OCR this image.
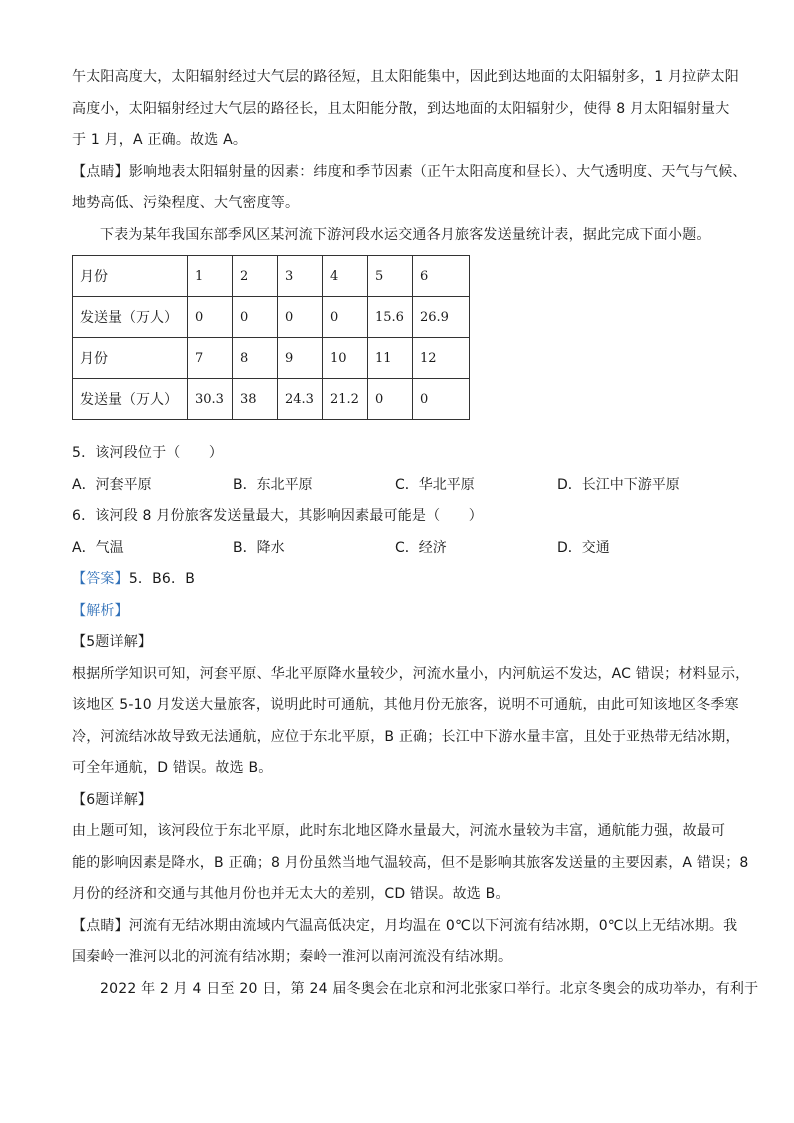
午太阳高度大，太阳辐射经过大气层的路径短，且太阳能集中，因此到达地面的太阳辐射多，1 月拉萨太阳
高度小，太阳辐射经过大气层的路径长，且太阳能分散，到达地面的太阳辐射少，使得 8 月太阳辐射量大
于 1 月，A 正确。故选 A。
【点睛】影响地表太阳辐射量的因素：纬度和季节因素（正午太阳高度和昼长）、大气透明度、天气与气候、
地势高低、污染程度、大气密度等。
下表为某年我国东部季风区某河流下游河段水运交通各月旅客发送量统计表，据此完成下面小题。
月份	1	2	3	4	5	6
发送量（万人）	0	0	0	0	15.6	26.9
月份	7	8	9	10	11	12
发送量（万人）	30.3	38	24.3	21.2	0	0
5．该河段位于（　　）
A．河套平原	B．东北平原	C．华北平原	D．长江中下游平原
6．该河段 8 月份旅客发送量最大，其影响因素最可能是（　　）
A．气温	B．降水	C．经济	D．交通
【答案】5．B6．B
【解析】
【5题详解】
根据所学知识可知，河套平原、华北平原降水量较少，河流水量小，内河航运不发达，AC 错误；材料显示，
该地区 5-10 月发送大量旅客，说明此时可通航，其他月份无旅客，说明不可通航，由此可知该地区冬季寒
冷，河流结冰故导致无法通航，应位于东北平原，B 正确；长江中下游水量丰富，且处于亚热带无结冰期，
可全年通航，D 错误。故选 B。
【6题详解】
由上题可知，该河段位于东北平原，此时东北地区降水量最大，河流水量较为丰富，通航能力强，故最可
能的影响因素是降水，B 正确；8 月份虽然当地气温较高，但不是影响其旅客发送量的主要因素，A 错误；8
月份的经济和交通与其他月份也并无太大的差别，CD 错误。故选 B。
【点睛】河流有无结冰期由流域内气温高低决定，月均温在 0℃以下河流有结冰期，0℃以上无结冰期。我
国秦岭一淮河以北的河流有结冰期；秦岭一淮河以南河流没有结冰期。
2022 年 2 月 4 日至 20 日，第 24 届冬奥会在北京和河北张家口举行。北京冬奥会的成功举办，有利于
